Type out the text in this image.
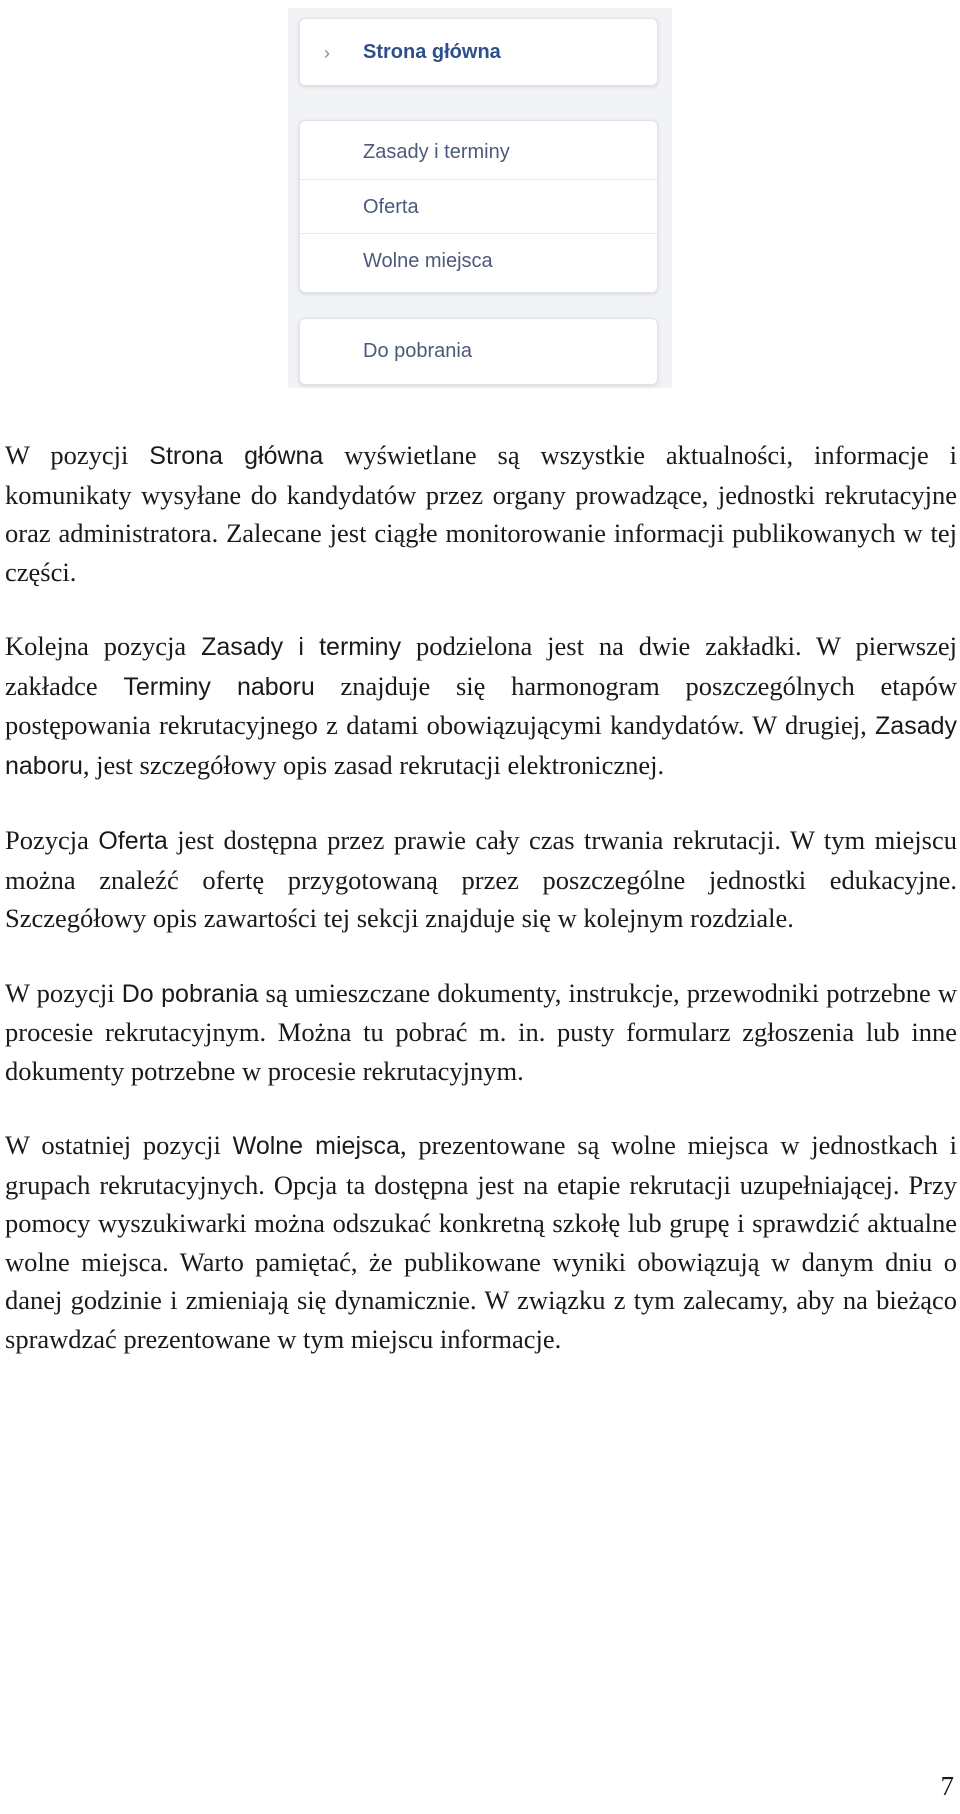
› Strona główna
Zasady i terminy
Oferta
Wolne miejsca
Do pobrania

W pozycji Strona główna wyświetlane są wszystkie aktualności, informacje i komunikaty wysyłane do kandydatów przez organy prowadzące, jednostki rekrutacyjne oraz administratora. Zalecane jest ciągłe monitorowanie informacji publikowanych w tej części.

Kolejna pozycja Zasady i terminy podzielona jest na dwie zakładki. W pierwszej zakładce Terminy naboru znajduje się harmonogram poszczególnych etapów postępowania rekrutacyjnego z datami obowiązującymi kandydatów. W drugiej, Zasady naboru, jest szczegółowy opis zasad rekrutacji elektronicznej.

Pozycja Oferta jest dostępna przez prawie cały czas trwania rekrutacji. W tym miejscu można znaleźć ofertę przygotowaną przez poszczególne jednostki edukacyjne. Szczegółowy opis zawartości tej sekcji znajduje się w kolejnym rozdziale.

W pozycji Do pobrania są umieszczane dokumenty, instrukcje, przewodniki potrzebne w procesie rekrutacyjnym. Można tu pobrać m. in. pusty formularz zgłoszenia lub inne dokumenty potrzebne w procesie rekrutacyjnym.

W ostatniej pozycji Wolne miejsca, prezentowane są wolne miejsca w jednostkach i grupach rekrutacyjnych. Opcja ta dostępna jest na etapie rekrutacji uzupełniającej. Przy pomocy wyszukiwarki można odszukać konkretną szkołę lub grupę i sprawdzić aktualne wolne miejsca. Warto pamiętać, że publikowane wyniki obowiązują w danym dniu o danej godzinie i zmieniają się dynamicznie. W związku z tym zalecamy, aby na bieżąco sprawdzać prezentowane w tym miejscu informacje.

7
